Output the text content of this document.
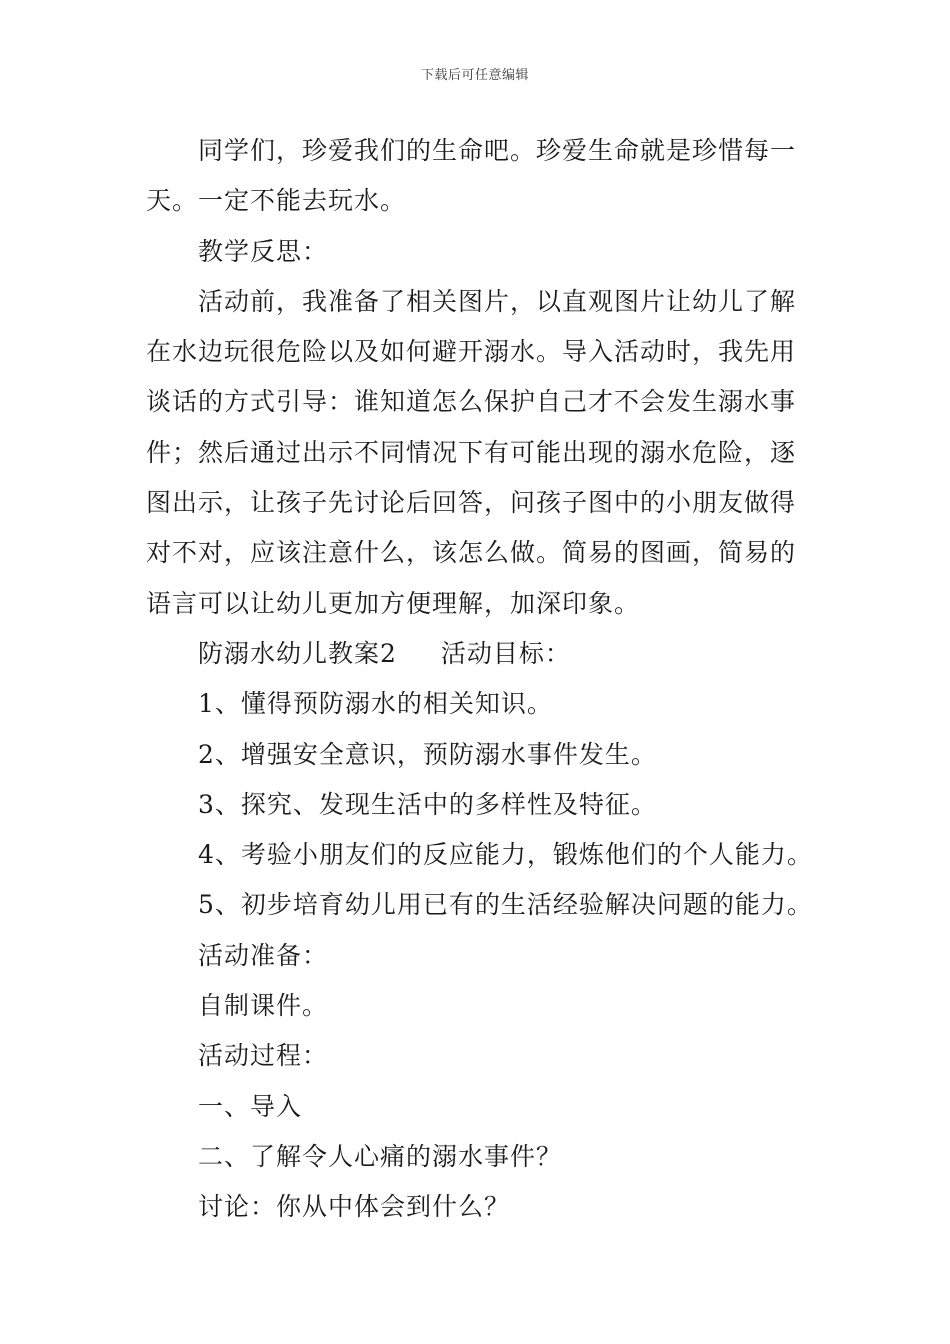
下载后可任意编辑
同学们，珍爱我们的生命吧。珍爱生命就是珍惜每一
天。一定不能去玩水。
教学反思：
活动前，我准备了相关图片，以直观图片让幼儿了解
在水边玩很危险以及如何避开溺水。导入活动时，我先用
谈话的方式引导：谁知道怎么保护自己才不会发生溺水事
件；然后通过出示不同情况下有可能出现的溺水危险，逐
图出示，让孩子先讨论后回答，问孩子图中的小朋友做得
对不对，应该注意什么，该怎么做。简易的图画，简易的
语言可以让幼儿更加方便理解，加深印象。
防溺水幼儿教案2 活动目标：
1、懂得预防溺水的相关知识。
2、增强安全意识，预防溺水事件发生。
3、探究、发现生活中的多样性及特征。
4、考验小朋友们的反应能力，锻炼他们的个人能力。
5、初步培育幼儿用已有的生活经验解决问题的能力。
活动准备：
自制课件。
活动过程：
一、导入
二、了解令人心痛的溺水事件？
讨论：你从中体会到什么？
